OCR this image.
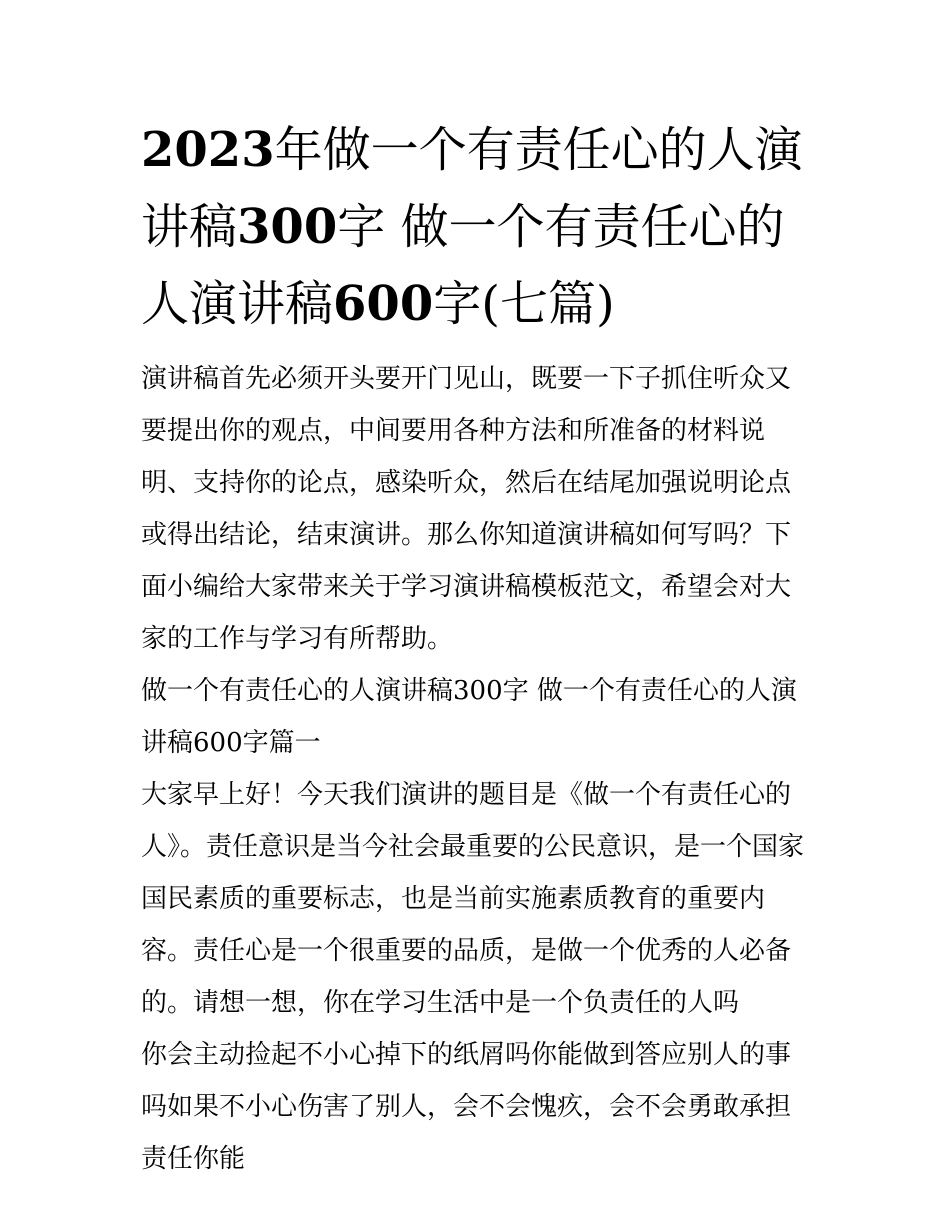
2023年做一个有责任心的人演讲稿300字 做一个有责任心的人演讲稿600字(七篇)

演讲稿首先必须开头要开门见山，既要一下子抓住听众又要提出你的观点，中间要用各种方法和所准备的材料说明、支持你的论点，感染听众，然后在结尾加强说明论点或得出结论，结束演讲。那么你知道演讲稿如何写吗？下面小编给大家带来关于学习演讲稿模板范文，希望会对大家的工作与学习有所帮助。

做一个有责任心的人演讲稿300字 做一个有责任心的人演讲稿600字篇一

大家早上好！今天我们演讲的题目是《做一个有责任心的人》。责任意识是当今社会最重要的公民意识，是一个国家国民素质的重要标志，也是当前实施素质教育的重要内容。责任心是一个很重要的品质，是做一个优秀的人必备的。请想一想，你在学习生活中是一个负责任的人吗

你会主动捡起不小心掉下的纸屑吗你能做到答应别人的事吗如果不小心伤害了别人，会不会愧疚，会不会勇敢承担责任你能
